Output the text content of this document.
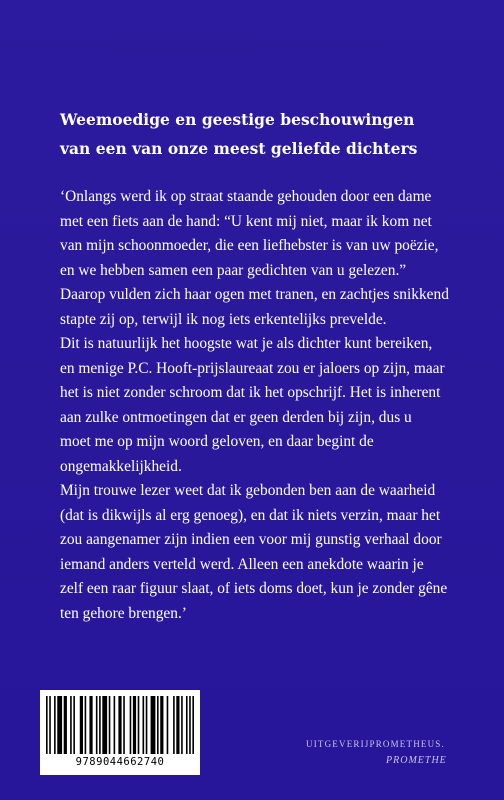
Weemoedige en geestige beschouwingen
van een van onze meest geliefde dichters
‘Onlangs werd ik op straat staande gehouden door een dame
met een fiets aan de hand: “U kent mij niet, maar ik kom net
van mijn schoonmoeder, die een liefhebster is van uw poëzie,
en we hebben samen een paar gedichten van u gelezen.”
Daarop vulden zich haar ogen met tranen, en zachtjes snikkend
stapte zij op, terwijl ik nog iets erkentelijks prevelde.
Dit is natuurlijk het hoogste wat je als dichter kunt bereiken,
en menige P.C. Hooft-prijslaureaat zou er jaloers op zijn, maar
het is niet zonder schroom dat ik het opschrijf. Het is inherent
aan zulke ontmoetingen dat er geen derden bij zijn, dus u
moet me op mijn woord geloven, en daar begint de
ongemakkelijkheid.
Mijn trouwe lezer weet dat ik gebonden ben aan de waarheid
(dat is dikwijls al erg genoeg), en dat ik niets verzin, maar het
zou aangenamer zijn indien een voor mij gunstig verhaal door
iemand anders verteld werd. Alleen een anekdote waarin je
zelf een raar figuur slaat, of iets doms doet, kun je zonder gêne
ten gehore brengen.’
9789044662740
UITGEVERIJPROMETHEUS.
PROMETHE
